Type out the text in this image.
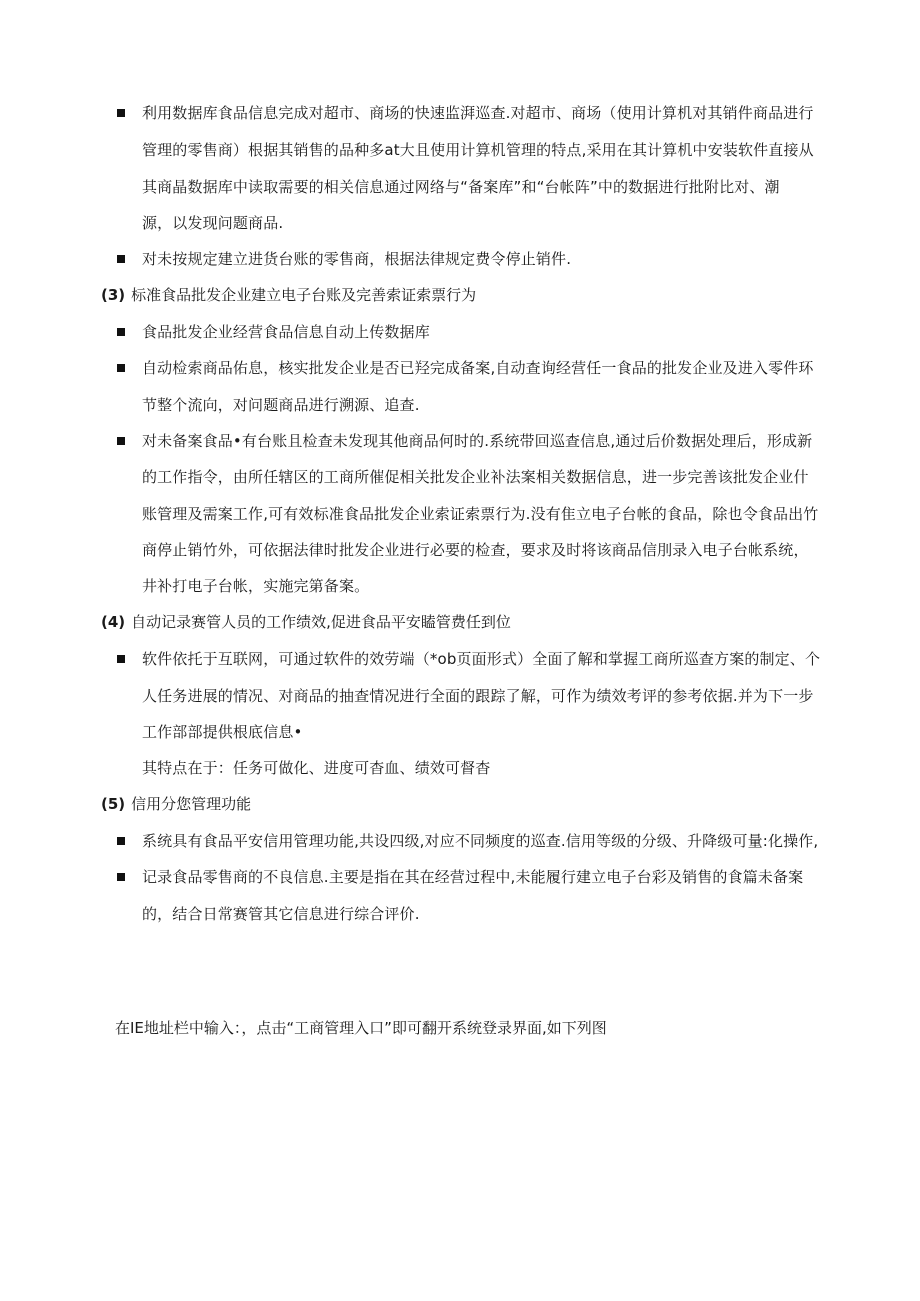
利用数据库食品信息完成对超市、商场的快速监湃巡查.对超市、商场（使用计算机对其销件商品进行
管理的零售商）根据其销售的品种多at大且使用计算机管理的特点,采用在其计算机中安装软件直接从
其商晶数据库中读取需要的相关信息通过网络与“备案库”和“台帐阵”中的数据进行批附比对、潮
源，以发现问题商品.
对未按规定建立进货台账的零售商，根据法律规定费令停止销件.
(3) 标准食品批发企业建立电子台账及完善索证索票行为
食品批发企业经营食品信息自动上传数据库
自动检索商品佑息，核实批发企业是否已羟完成备案,自动查询经营任一食品的批发企业及进入零件环
节整个流向，对问题商品进行溯源、追查.
对未备案食品•有台账且检查未发现其他商品何时的.系统带回巡查信息,通过后价数据处理后，形成新
的工作指令，由所任辖区的工商所催促相关批发企业补法案相关数据信息，进一步完善该批发企业什
账管理及需案工作,可有效标准食品批发企业索证索票行为.没有隹立电子台帐的食品，除也令食品出竹
商停止销竹外，可依据法律时批发企业进行必要的检查，要求及时将该商品信刖录入电子台帐系统，
井补打电子台帐，实施完第备案。
(4) 自动记录赛管人员的工作绩效,促进食品平安瞌管费任到位
软件依托于互联网，可通过软件的效劳端（*ob页面形式）全面了解和掌握工商所巡查方案的制定、个
人任务进展的情况、对商品的抽查情况进行全面的跟踪了解，可作为绩效考评的参考依据.并为下一步
工作部部提供根底信息•
其特点在于：任务可做化、进度可杳血、绩效可督杳
(5) 信用分您管理功能
系统具有食品平安信用管理功能,共设四级,对应不同频度的巡查.信用等级的分级、升降级可量:化操作,
记录食品零售商的不良信息.主要是指在其在经营过程中,未能履行建立电子台彩及销售的食篇未备案
的，结合日常赛管其它信息进行综合评价.
在IE地址栏中输入：，点击“工商管理入口”即可翻开系统登录界面,如下列图
